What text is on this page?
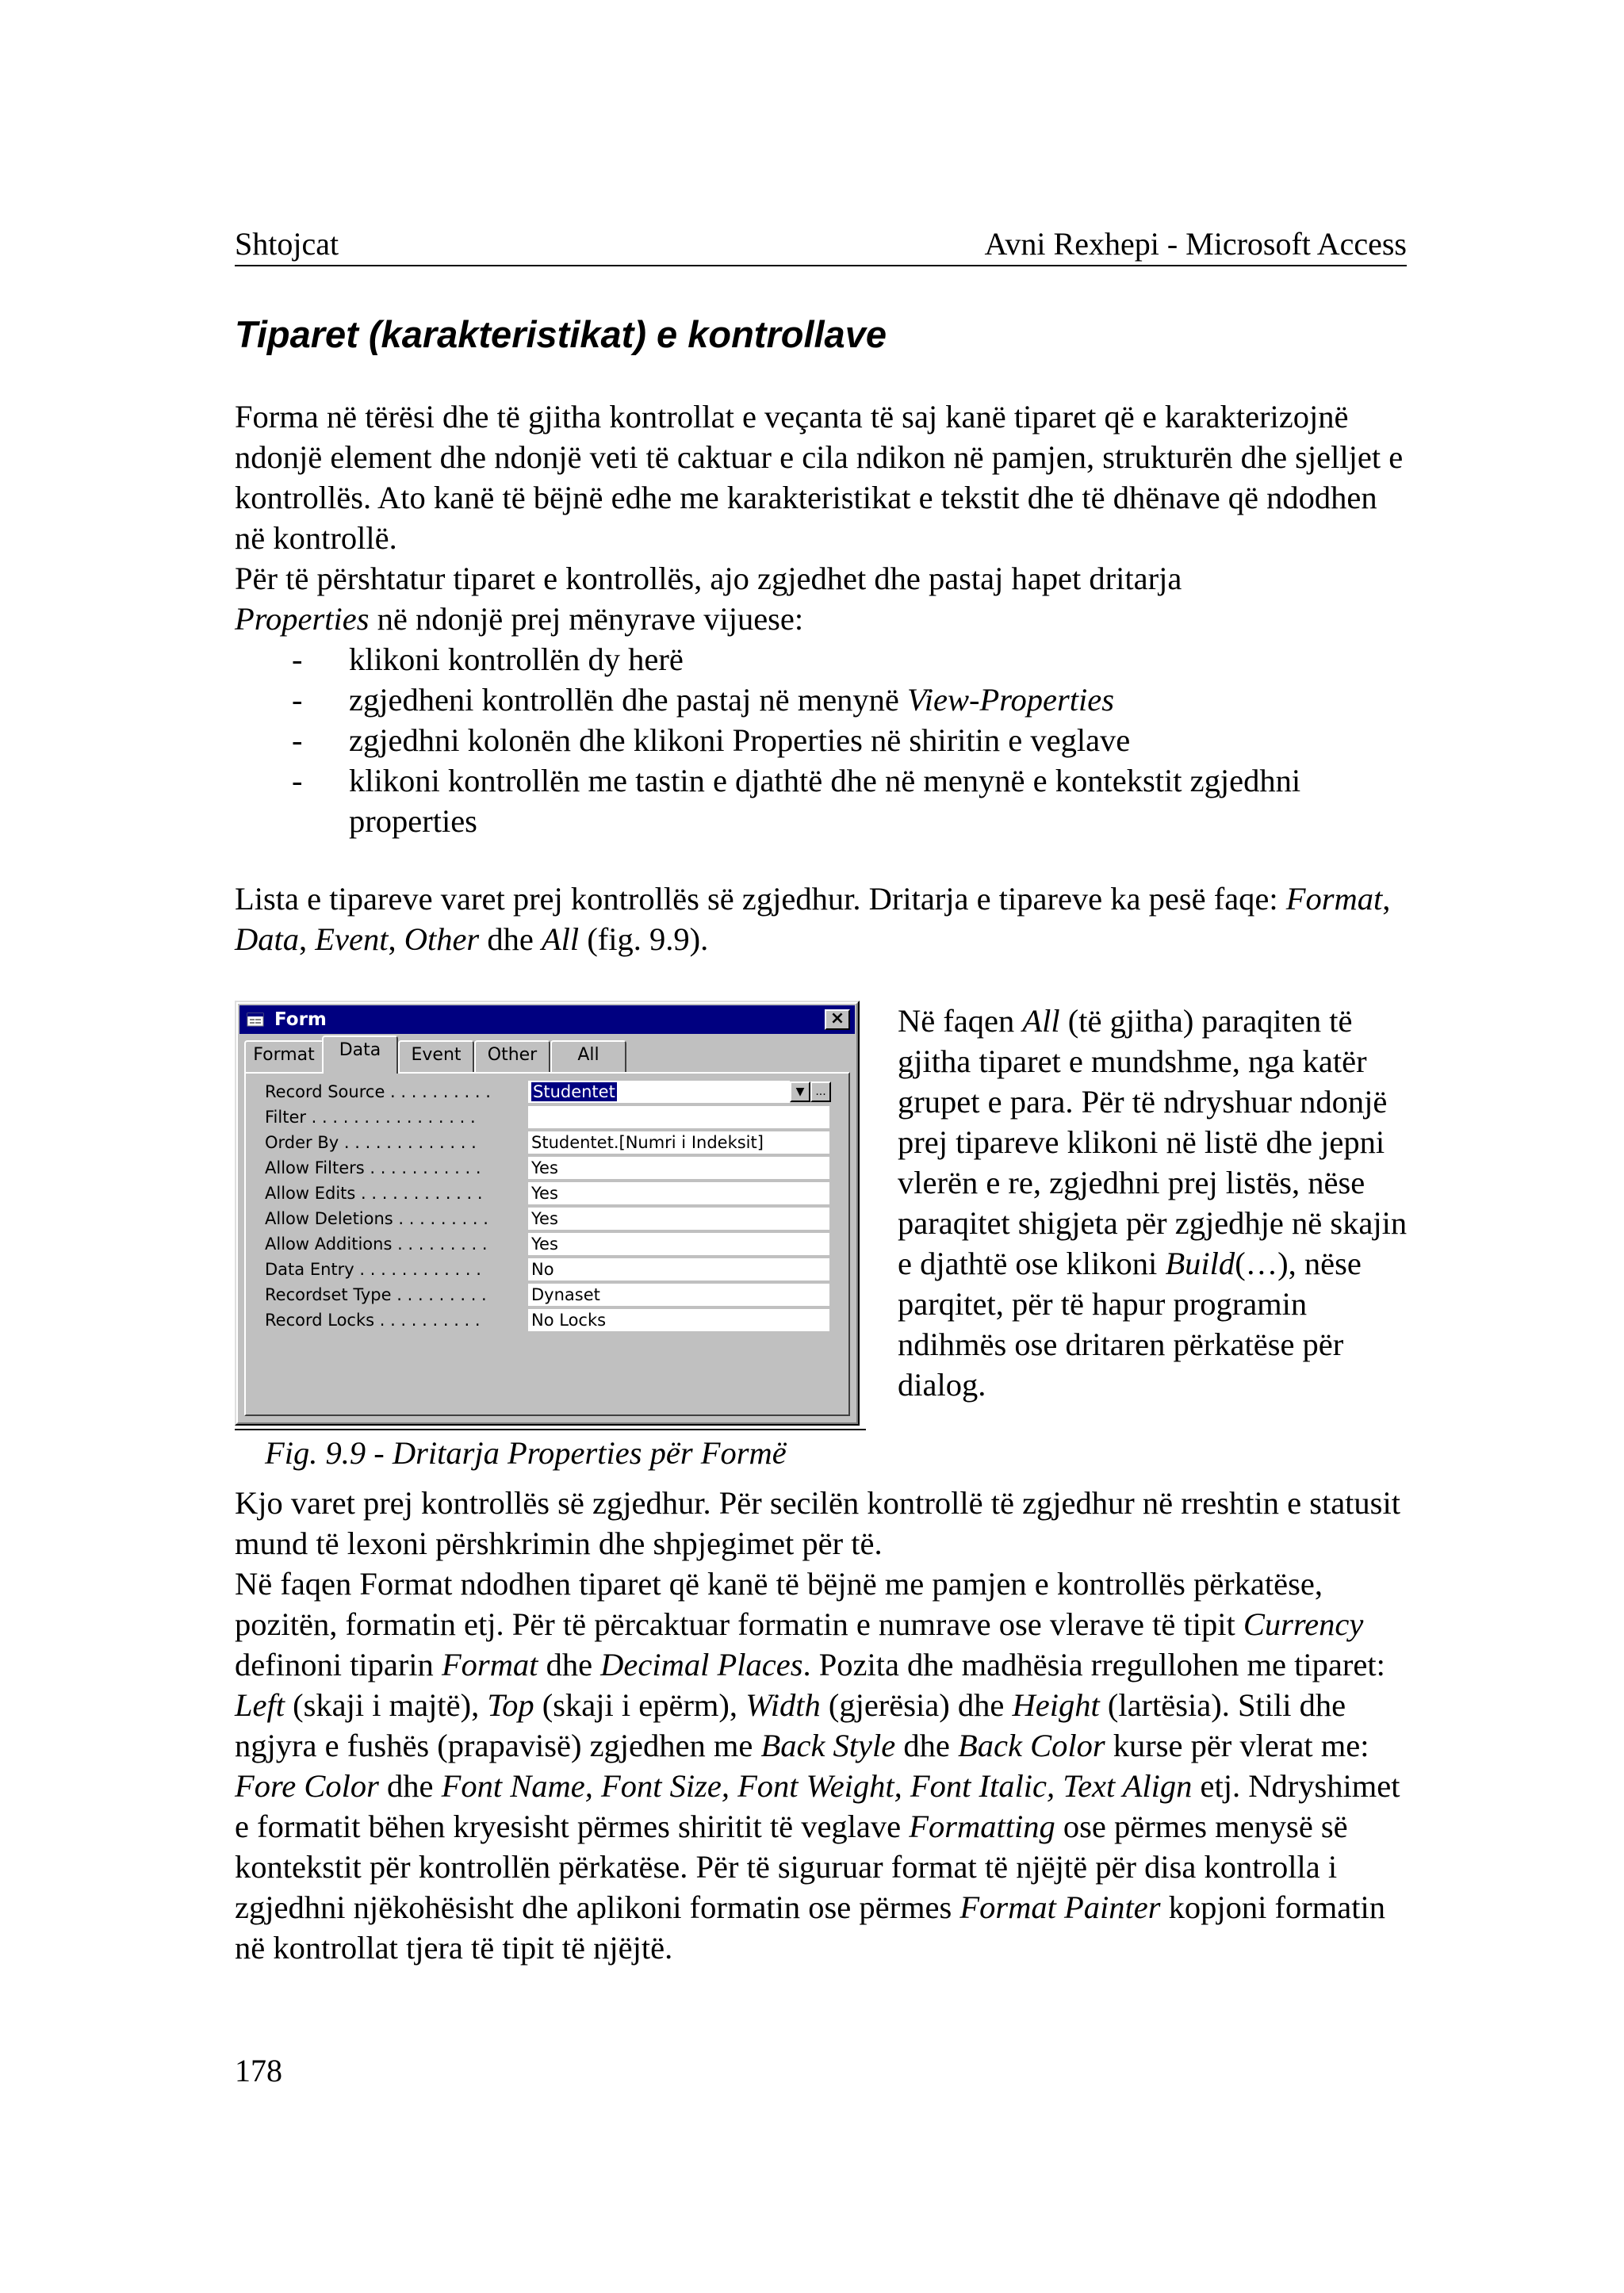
Shtojcat	Avni Rexhepi - Microsoft Access
Tiparet (karakteristikat) e kontrollave

Forma në tërësi dhe të gjitha kontrollat e veçanta të saj kanë tiparet që e karakterizojnë ndonjë element dhe ndonjë veti të caktuar e cila ndikon në pamjen, strukturën dhe sjelljet e kontrollës. Ato kanë të bëjnë edhe me karakteristikat e tekstit dhe të dhënave që ndodhen në kontrollë.

Për të përshtatur tiparet e kontrollës, ajo zgjedhet dhe pastaj hapet dritarja
Properties në ndonjë prej mënyrave vijuese:

- klikoni kontrollën dy herë
- zgjedheni kontrollën dhe pastaj në menynë View-Properties
- zgjedhni kolonën dhe klikoni Properties në shiritin e veglave
- klikoni kontrollën me tastin e djathtë dhe në menynë e kontekstit zgjedhni properties

Lista e tipareve varet prej kontrollës së zgjedhur. Dritarja e tipareve ka pesë faqe: Format, Data, Event, Other dhe All (fig. 9.9).

Form	×
Format	Data	Event	Other	All
Record Source . . . . . . . . . .	Studentet	▼ ...
Filter . . . . . . . . . . . . . . . .
Order By . . . . . . . . . . . . .	Studentet.[Numri i Indeksit]
Allow Filters . . . . . . . . . . .	Yes
Allow Edits . . . . . . . . . . . .	Yes
Allow Deletions . . . . . . . . .	Yes
Allow Additions . . . . . . . . .	Yes
Data Entry . . . . . . . . . . . .	No
Recordset Type . . . . . . . . .	Dynaset
Record Locks . . . . . . . . . .	No Locks
Fig. 9.9 - Dritarja Properties për Formë
Në faqen All (të gjitha) paraqiten të gjitha tiparet e mundshme, nga katër grupet e para. Për të ndryshuar ndonjë prej tipareve klikoni në listë dhe jepni vlerën e re, zgjedhni prej listës, nëse paraqitet shigjeta për zgjedhje në skajin e djathtë ose klikoni Build(…), nëse parqitet, për të hapur programin ndihmës ose dritaren përkatëse për dialog.

Kjo varet prej kontrollës së zgjedhur. Për secilën kontrollë të zgjedhur në rreshtin e statusit mund të lexoni përshkrimin dhe shpjegimet për të.

Në faqen Format ndodhen tiparet që kanë të bëjnë me pamjen e kontrollës përkatëse, pozitën, formatin etj. Për të përcaktuar formatin e numrave ose vlerave të tipit Currency definoni tiparin Format dhe Decimal Places. Pozita dhe madhësia rregullohen me tiparet: Left (skaji i majtë), Top (skaji i epërm), Width (gjerësia) dhe Height (lartësia). Stili dhe ngjyra e fushës (prapavisë) zgjedhen me Back Style dhe Back Color kurse për vlerat me: Fore Color dhe Font Name, Font Size, Font Weight, Font Italic, Text Align etj. Ndryshimet e formatit bëhen kryesisht përmes shiritit të veglave Formatting ose përmes menysë së kontekstit për kontrollën përkatëse. Për të siguruar format të njëjtë për disa kontrolla i zgjedhni njëkohësisht dhe aplikoni formatin ose përmes Format Painter kopjoni formatin në kontrollat tjera të tipit të njëjtë.

178
